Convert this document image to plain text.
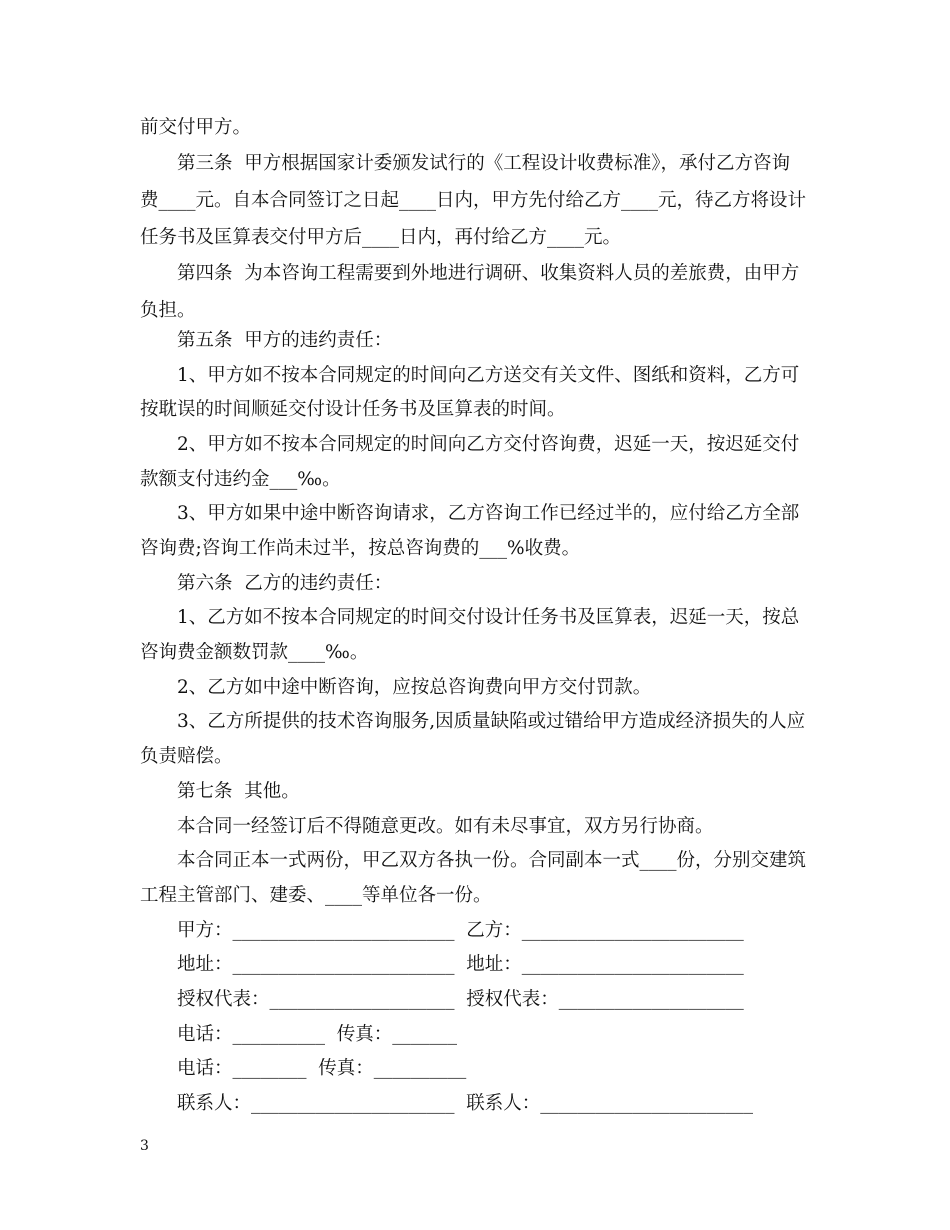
前交付甲方。
第三条  甲方根据国家计委颁发试行的《工程设计收费标准》，承付乙方咨询
费____元。自本合同签订之日起____日内，甲方先付给乙方____元，待乙方将设计
任务书及匡算表交付甲方后____日内，再付给乙方____元。
第四条  为本咨询工程需要到外地进行调研、收集资料人员的差旅费，由甲方
负担。
第五条  甲方的违约责任：
1、甲方如不按本合同规定的时间向乙方送交有关文件、图纸和资料，乙方可
按耽误的时间顺延交付设计任务书及匡算表的时间。
2、甲方如不按本合同规定的时间向乙方交付咨询费，迟延一天，按迟延交付
款额支付违约金___‰。
3、甲方如果中途中断咨询请求，乙方咨询工作已经过半的，应付给乙方全部
咨询费;咨询工作尚未过半，按总咨询费的___%收费。
第六条  乙方的违约责任：
1、乙方如不按本合同规定的时间交付设计任务书及匡算表，迟延一天，按总
咨询费金额数罚款____‰。
2、乙方如中途中断咨询，应按总咨询费向甲方交付罚款。
3、乙方所提供的技术咨询服务,因质量缺陷或过错给甲方造成经济损失的人应
负责赔偿。
第七条  其他。
本合同一经签订后不得随意更改。如有未尽事宜，双方另行协商。
本合同正本一式两份，甲乙双方各执一份。合同副本一式____份，分别交建筑
工程主管部门、建委、____等单位各一份。
甲方：________________________  乙方：________________________
地址：________________________  地址：________________________
授权代表：____________________  授权代表：____________________
电话：__________  传真：_______
电话：________  传真：__________
联系人：______________________  联系人：_______________________
3
